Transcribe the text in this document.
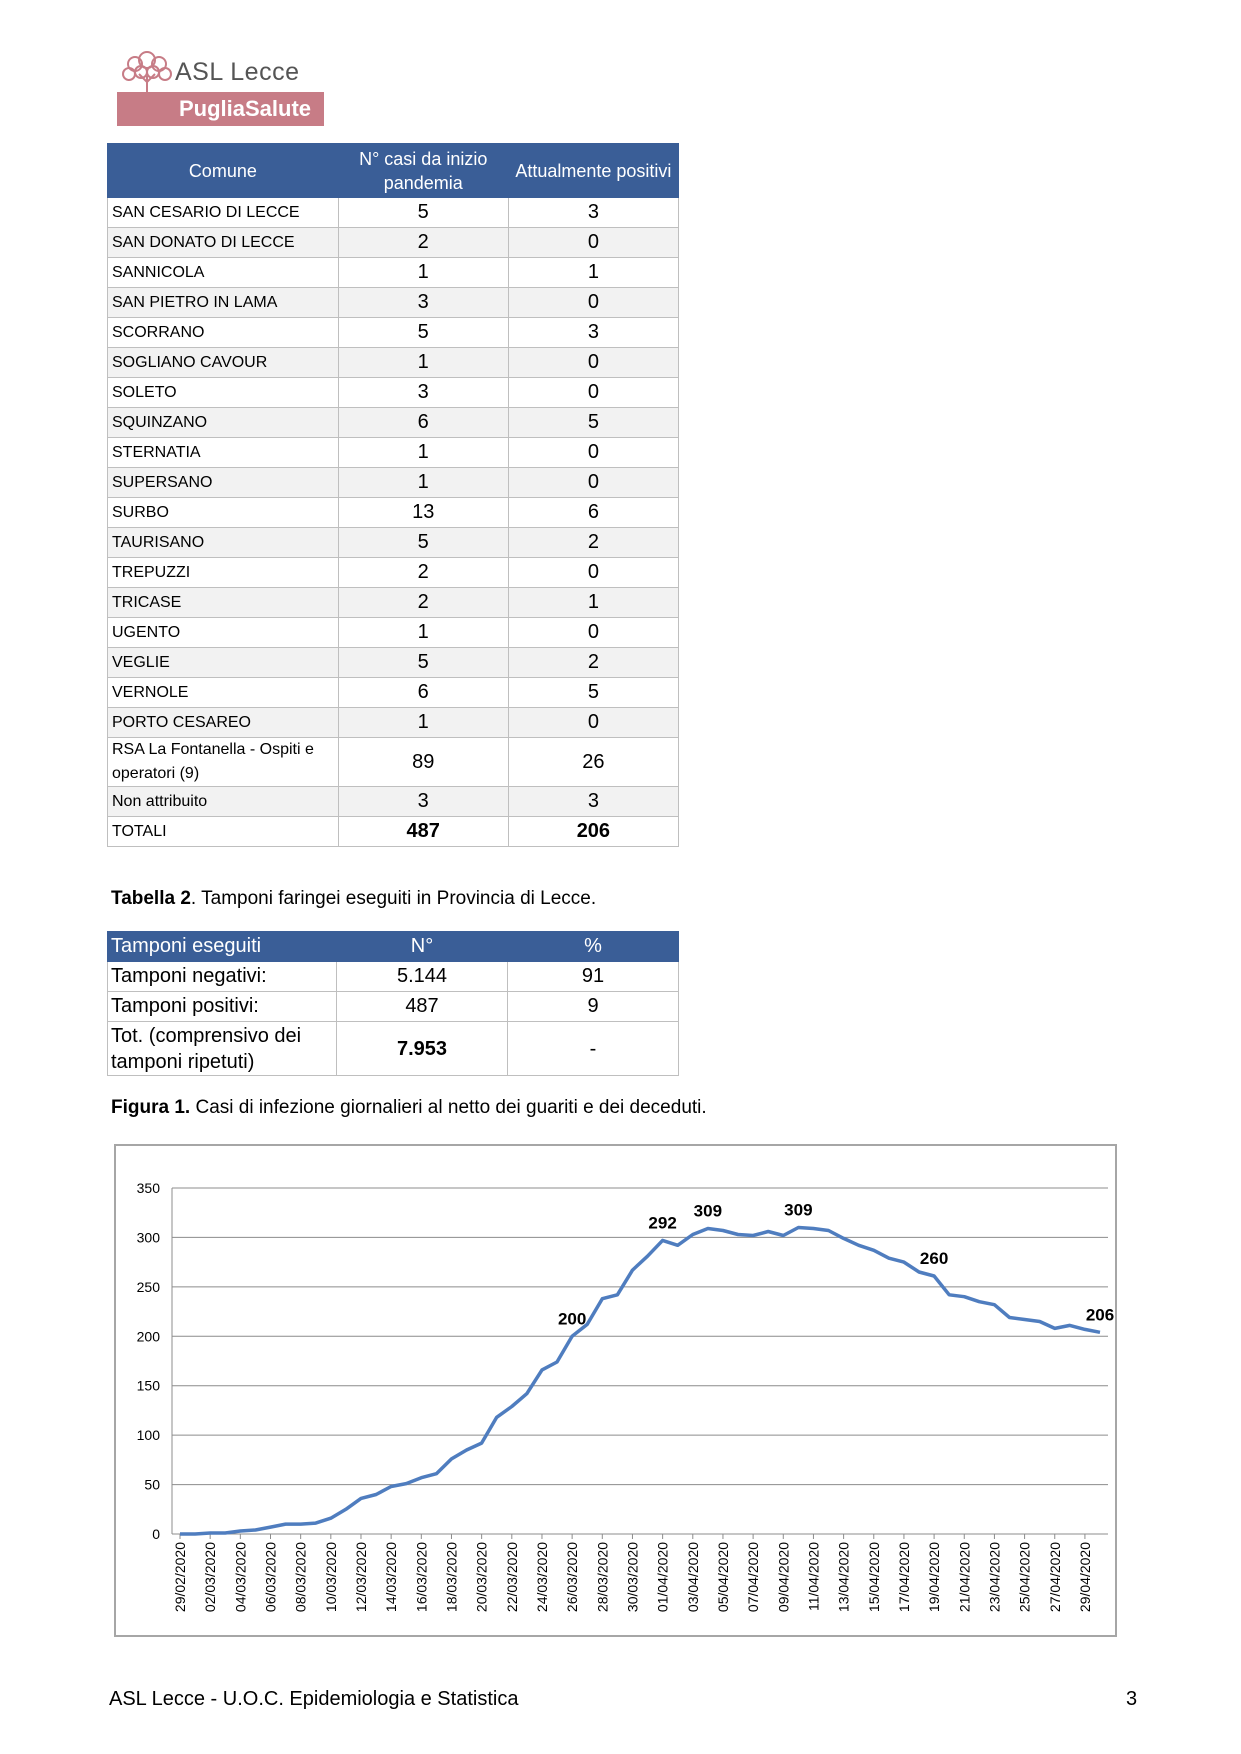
ASL Lecce
PugliaSalute
Comune	N° casi da inizio pandemia	Attualmente positivi
SAN CESARIO DI LECCE	5	3
SAN DONATO DI LECCE	2	0
SANNICOLA	1	1
SAN PIETRO IN LAMA	3	0
SCORRANO	5	3
SOGLIANO CAVOUR	1	0
SOLETO	3	0
SQUINZANO	6	5
STERNATIA	1	0
SUPERSANO	1	0
SURBO	13	6
TAURISANO	5	2
TREPUZZI	2	0
TRICASE	2	1
UGENTO	1	0
VEGLIE	5	2
VERNOLE	6	5
PORTO CESAREO	1	0
RSA La Fontanella - Ospiti e operatori (9)	89	26
Non attribuito	3	3
TOTALI	487	206
Tabella 2. Tamponi faringei eseguiti in Provincia di Lecce.
Tamponi eseguiti	N°	%
Tamponi negativi:	5.144	91
Tamponi positivi:	487	9
Tot. (comprensivo dei tamponi ripetuti)	7.953	-
Figura 1. Casi di infezione giornalieri al netto dei guariti e dei deceduti.
0
50
100
150
200
250
300
350
29/02/2020 02/03/2020 04/03/2020 06/03/2020 08/03/2020 10/03/2020 12/03/2020 14/03/2020 16/03/2020 18/03/2020 20/03/2020 22/03/2020 24/03/2020 26/03/2020 28/03/2020 30/03/2020 01/04/2020 03/04/2020 05/04/2020 07/04/2020 09/04/2020 11/04/2020 13/04/2020 15/04/2020 17/04/2020 19/04/2020 21/04/2020 23/04/2020 25/04/2020 27/04/2020 29/04/2020
200
292
309	309
260
206
ASL Lecce - U.O.C. Epidemiologia e Statistica	3
